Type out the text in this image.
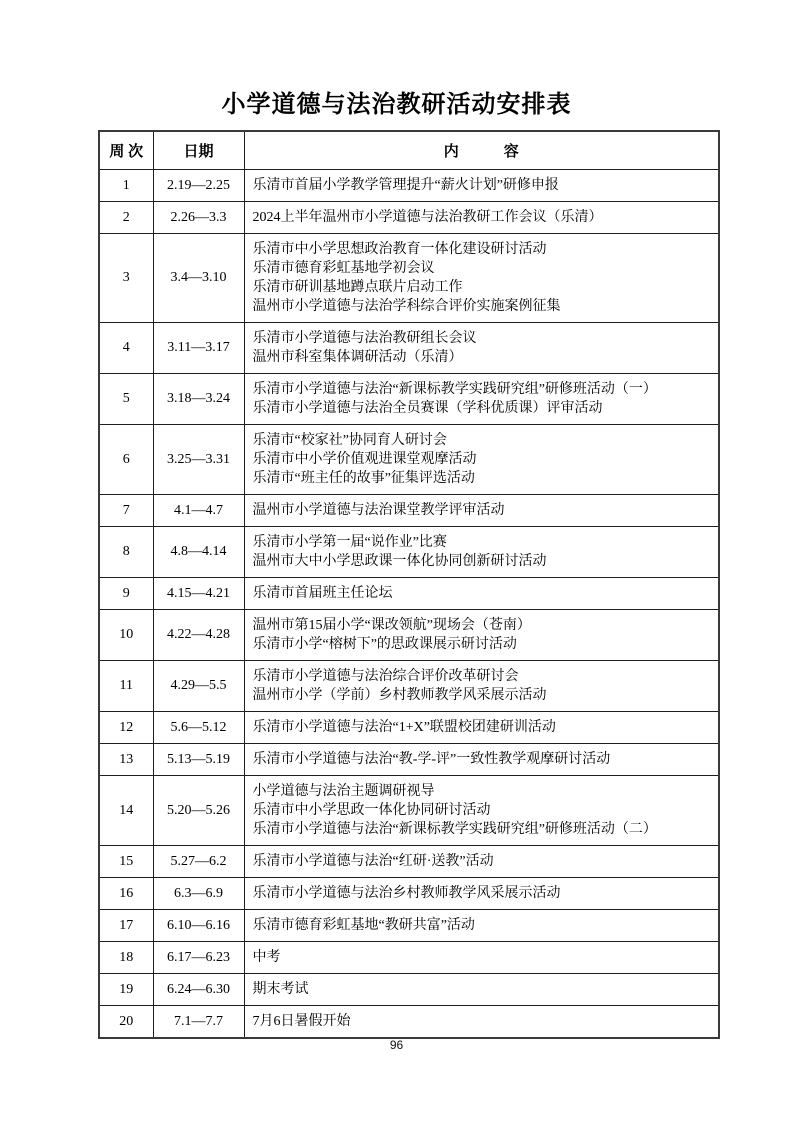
小学道德与法治教研活动安排表
周 次	日期	内　　　容
1	2.19—2.25	乐清市首届小学教学管理提升“薪火计划”研修申报

2	2.26—3.3	2024上半年温州市小学道德与法治教研工作会议（乐清）

3	3.4—3.10	乐清市中小学思想政治教育一体化建设研讨活动
乐清市德育彩虹基地学初会议
乐清市研训基地蹲点联片启动工作
温州市小学道德与法治学科综合评价实施案例征集

4	3.11—3.17	乐清市小学道德与法治教研组长会议
温州市科室集体调研活动（乐清）

5	3.18—3.24	乐清市小学道德与法治“新课标教学实践研究组”研修班活动（一）
乐清市小学道德与法治全员赛课（学科优质课）评审活动

6	3.25—3.31	乐清市“校家社”协同育人研讨会
乐清市中小学价值观进课堂观摩活动
乐清市“班主任的故事”征集评选活动

7	4.1—4.7	温州市小学道德与法治课堂教学评审活动

8	4.8—4.14	乐清市小学第一届“说作业”比赛
温州市大中小学思政课一体化协同创新研讨活动

9	4.15—4.21	乐清市首届班主任论坛

10	4.22—4.28	温州市第15届小学“课改领航”现场会（苍南）
乐清市小学“榕树下”的思政课展示研讨活动

11	4.29—5.5	乐清市小学道德与法治综合评价改革研讨会
温州市小学（学前）乡村教师教学风采展示活动

12	5.6—5.12	乐清市小学道德与法治“1+X”联盟校团建研训活动

13	5.13—5.19	乐清市小学道德与法治“教-学-评”一致性教学观摩研讨活动

14	5.20—5.26	小学道德与法治主题调研视导
乐清市中小学思政一体化协同研讨活动
乐清市小学道德与法治“新课标教学实践研究组”研修班活动（二）

15	5.27—6.2	乐清市小学道德与法治“红研·送教”活动

16	6.3—6.9	乐清市小学道德与法治乡村教师教学风采展示活动

17	6.10—6.16	乐清市德育彩虹基地“教研共富”活动

18	6.17—6.23	中考

19	6.24—6.30	期末考试

20	7.1—7.7	7月6日暑假开始
96
